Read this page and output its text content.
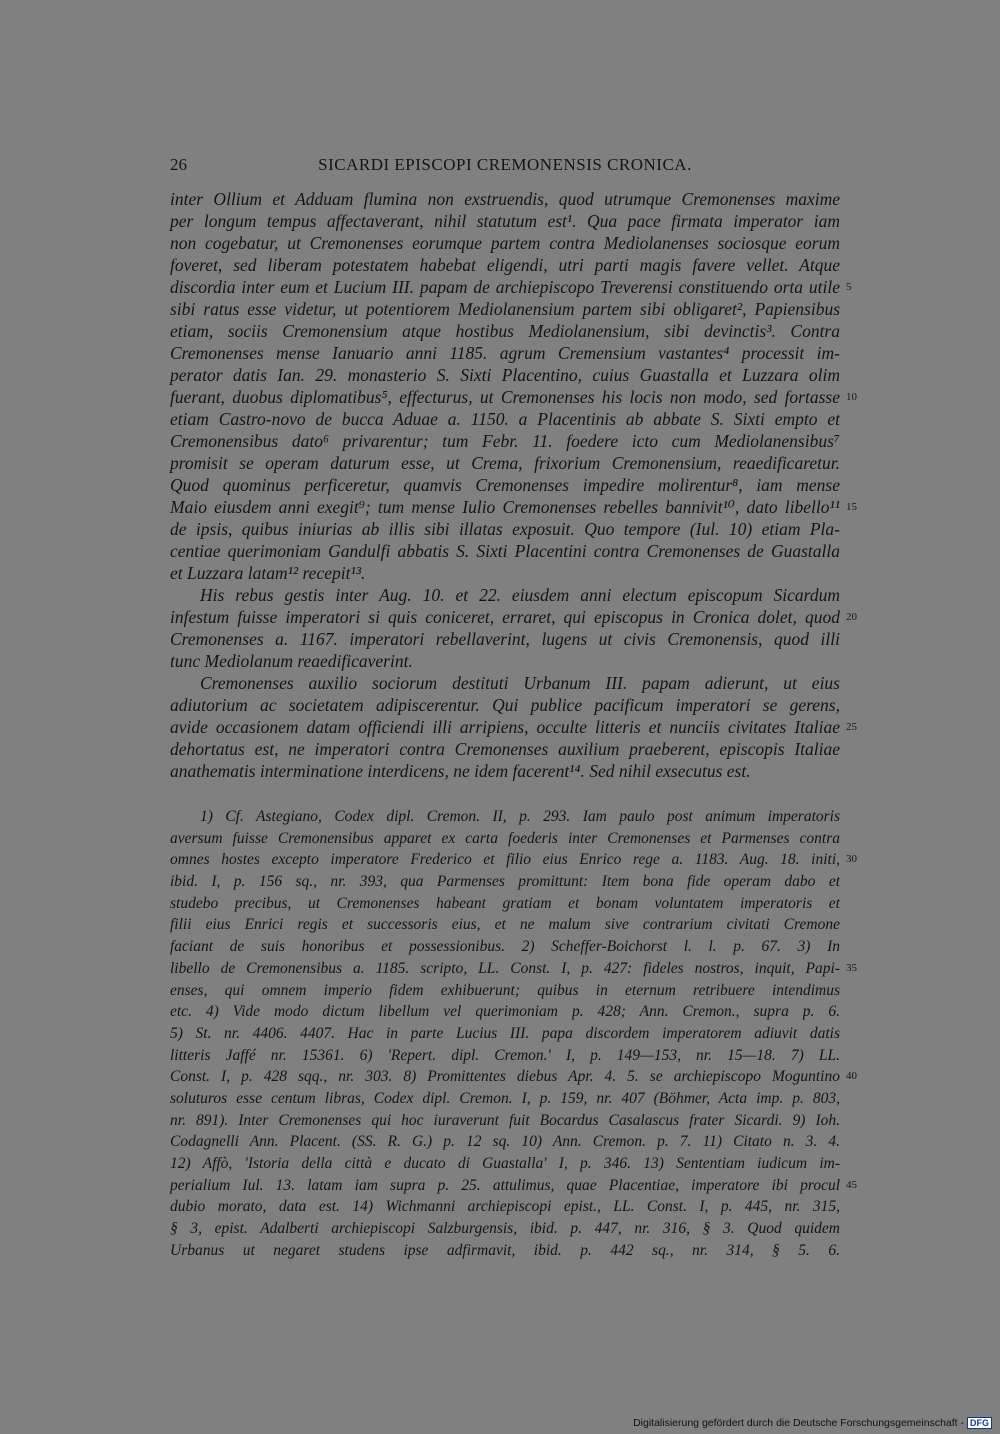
26	SICARDI EPISCOPI CREMONENSIS CRONICA.
inter Ollium et Adduam flumina non exstruendis, quod utrumque Cremonenses maxime
per longum tempus affectaverant, nihil statutum est¹. Qua pace firmata imperator iam
non cogebatur, ut Cremonenses eorumque partem contra Mediolanenses sociosque eorum
foveret, sed liberam potestatem habebat eligendi, utri parti magis favere vellet. Atque
discordia inter eum et Lucium III. papam de archiepiscopo Treverensi constituendo orta utile 5
sibi ratus esse videtur, ut potentiorem Mediolanensium partem sibi obligaret², Papiensibus
etiam, sociis Cremonensium atque hostibus Mediolanensium, sibi devinctis³. Contra
Cremonenses mense Ianuario anni 1185. agrum Cremensium vastantes⁴ processit im-
perator datis Ian. 29. monasterio S. Sixti Placentino, cuius Guastalla et Luzzara olim
fuerant, duobus diplomatibus⁵, effecturus, ut Cremonenses his locis non modo, sed fortasse 10
etiam Castro-novo de bucca Aduae a. 1150. a Placentinis ab abbate S. Sixti empto et
Cremonensibus dato⁶ privarentur; tum Febr. 11. foedere icto cum Mediolanensibus⁷
promisit se operam daturum esse, ut Crema, frixorium Cremonensium, reaedificaretur.
Quod quominus perficeretur, quamvis Cremonenses impedire molirentur⁸, iam mense
Maio eiusdem anni exegit⁹; tum mense Iulio Cremonenses rebelles bannivit¹⁰, dato libello¹¹ 15
de ipsis, quibus iniurias ab illis sibi illatas exposuit. Quo tempore (Iul. 10) etiam Pla-
centiae querimoniam Gandulfi abbatis S. Sixti Placentini contra Cremonenses de Guastalla
et Luzzara latam¹² recepit¹³.
His rebus gestis inter Aug. 10. et 22. eiusdem anni electum episcopum Sicardum
infestum fuisse imperatori si quis coniceret, erraret, qui episcopus in Cronica dolet, quod 20
Cremonenses a. 1167. imperatori rebellaverint, lugens ut civis Cremonensis, quod illi
tunc Mediolanum reaedificaverint.
Cremonenses auxilio sociorum destituti Urbanum III. papam adierunt, ut eius
adiutorium ac societatem adipiscerentur. Qui publice pacificum imperatori se gerens,
avide occasionem datam officiendi illi arripiens, occulte litteris et nunciis civitates Italiae 25
dehortatus est, ne imperatori contra Cremonenses auxilium praeberent, episcopis Italiae
anathematis interminatione interdicens, ne idem facerent¹⁴. Sed nihil exsecutus est.
1) Cf. Astegiano, Codex dipl. Cremon. II, p. 293. Iam paulo post animum imperatoris
aversum fuisse Cremonensibus apparet ex carta foederis inter Cremonenses et Parmenses contra
omnes hostes excepto imperatore Frederico et filio eius Enrico rege a. 1183. Aug. 18. initi, 30
ibid. I, p. 156 sq., nr. 393, qua Parmenses promittunt: Item bona fide operam dabo et
studebo precibus, ut Cremonenses habeant gratiam et bonam voluntatem imperatoris et
filii eius Enrici regis et successoris eius, et ne malum sive contrarium civitati Cremone
faciant de suis honoribus et possessionibus. 2) Scheffer-Boichorst l. l. p. 67. 3) In
libello de Cremonensibus a. 1185. scripto, LL. Const. I, p. 427: fideles nostros, inquit, Papi- 35
enses, qui omnem imperio fidem exhibuerunt; quibus in eternum retribuere intendimus
etc. 4) Vide modo dictum libellum vel querimoniam p. 428; Ann. Cremon., supra p. 6.
5) St. nr. 4406. 4407. Hac in parte Lucius III. papa discordem imperatorem adiuvit datis
litteris Jaffé nr. 15361. 6) 'Repert. dipl. Cremon.' I, p. 149—153, nr. 15—18. 7) LL.
Const. I, p. 428 sqq., nr. 303. 8) Promittentes diebus Apr. 4. 5. se archiepiscopo Moguntino 40
soluturos esse centum libras, Codex dipl. Cremon. I, p. 159, nr. 407 (Böhmer, Acta imp. p. 803,
nr. 891). Inter Cremonenses qui hoc iuraverunt fuit Bocardus Casalascus frater Sicardi. 9) Ioh.
Codagnelli Ann. Placent. (SS. R. G.) p. 12 sq. 10) Ann. Cremon. p. 7. 11) Citato n. 3. 4.
12) Affò, 'Istoria della città e ducato di Guastalla' I, p. 346. 13) Sententiam iudicum im-
perialium Iul. 13. latam iam supra p. 25. attulimus, quae Placentiae, imperatore ibi procul 45
dubio morato, data est. 14) Wichmanni archiepiscopi epist., LL. Const. I, p. 445, nr. 315,
§ 3, epist. Adalberti archiepiscopi Salzburgensis, ibid. p. 447, nr. 316, § 3. Quod quidem
Urbanus ut negaret studens ipse adfirmavit, ibid. p. 442 sq., nr. 314, § 5. 6.
Digitalisierung gefördert durch die Deutsche Forschungsgemeinschaft - DFG
